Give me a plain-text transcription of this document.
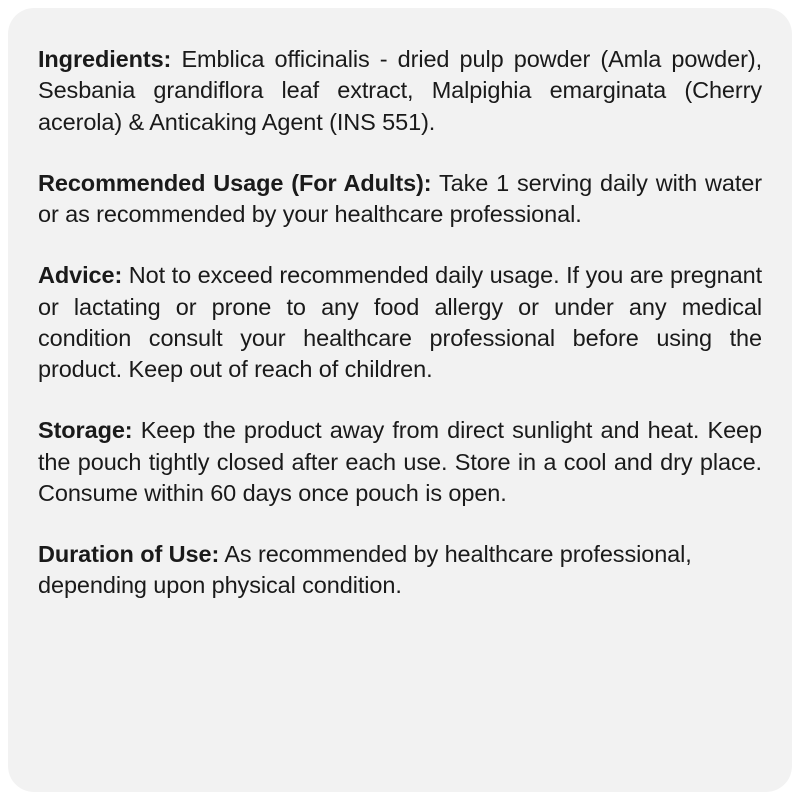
Ingredients: Emblica officinalis - dried pulp powder (Amla powder), Sesbania grandiflora leaf extract, Malpighia emarginata (Cherry acerola) & Anticaking Agent (INS 551).

Recommended Usage (For Adults): Take 1 serving daily with water or as recommended by your healthcare professional.

Advice: Not to exceed recommended daily usage. If you are pregnant or lactating or prone to any food allergy or under any medical condition consult your healthcare professional before using the product. Keep out of reach of children.

Storage: Keep the product away from direct sunlight and heat. Keep the pouch tightly closed after each use. Store in a cool and dry place. Consume within 60 days once pouch is open.

Duration of Use: As recommended by healthcare professional, depending upon physical condition.
